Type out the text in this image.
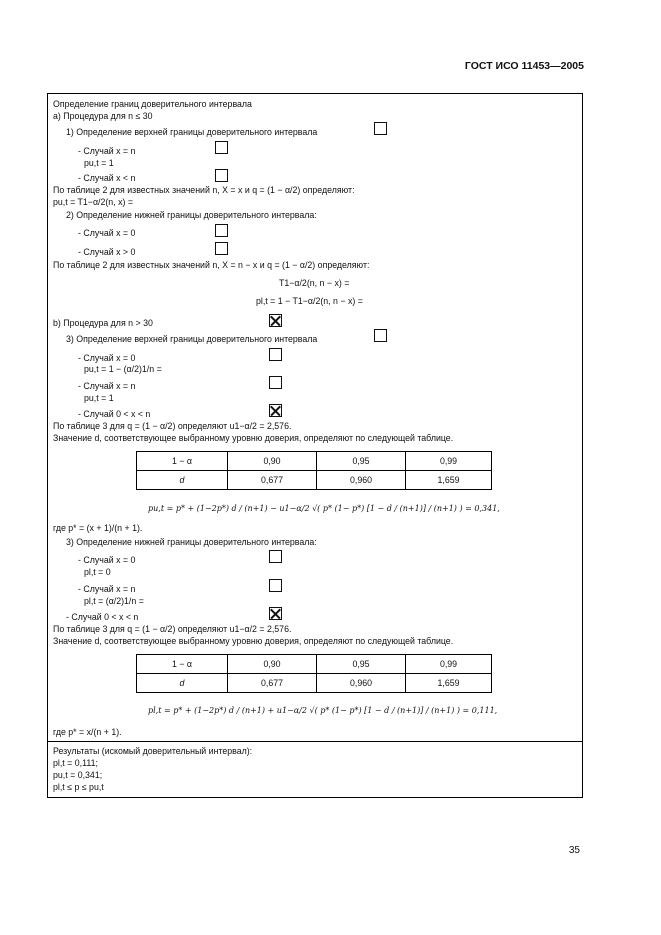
ГОСТ ИСО 11453—2005
Определение границ доверительного интервала
а) Процедура для n ≤ 30
1) Определение верхней границы доверительного интервала
- Случай x = n
pu,t = 1
- Случай x < n
По таблице 2 для известных значений n, X = x и q = (1 − α/2) определяют:
pu,t = T1−α/2(n, x) =
2) Определение нижней границы доверительного интервала:
- Случай x = 0
- Случай x > 0
По таблице 2 для известных значений n, X = n − x и q = (1 − α/2) определяют:
T1−α/2(n, n − x) =
pl,t = 1 − T1−α/2(n, n − x) =
b) Процедура для n > 30
3) Определение верхней границы доверительного интервала
- Случай x = 0
pu,t = 1 − (α/2)1/n =
- Случай x = n
pu,t = 1
- Случай 0 < x < n
По таблице 3 для q = (1 − α/2) определяют u1−α/2 = 2,576.
Значение d, соответствующее выбранному уровню доверия, определяют по следующей таблице.
1 − α	0,90	0,95	0,99
d	0,677	0,960	1,659
pu,t = p* + (1−2p*) d / (n+1) − u1−α/2 √( p* (1− p*) [1 − d / (n+1)] / (n+1) ) = 0,341,
где p* = (x + 1)/(n + 1).
3) Определение нижней границы доверительного интервала:
- Случай x = 0
pl,t = 0
- Случай x = n
pl,t = (α/2)1/n =
- Случай 0 < x < n
По таблице 3 для q = (1 − α/2) определяют u1−α/2 = 2,576.
Значение d, соответствующее выбранному уровню доверия, определяют по следующей таблице.
1 − α	0,90	0,95	0,99
d	0,677	0,960	1,659
pl,t = p* + (1−2p*) d / (n+1) + u1−α/2 √( p* (1− p*) [1 − d / (n+1)] / (n+1) ) = 0,111,
где p* = x/(n + 1).
Результаты (искомый доверительный интервал):
pl,t = 0,111;
pu,t = 0,341;
pl,t ≤ p ≤ pu,t
35
